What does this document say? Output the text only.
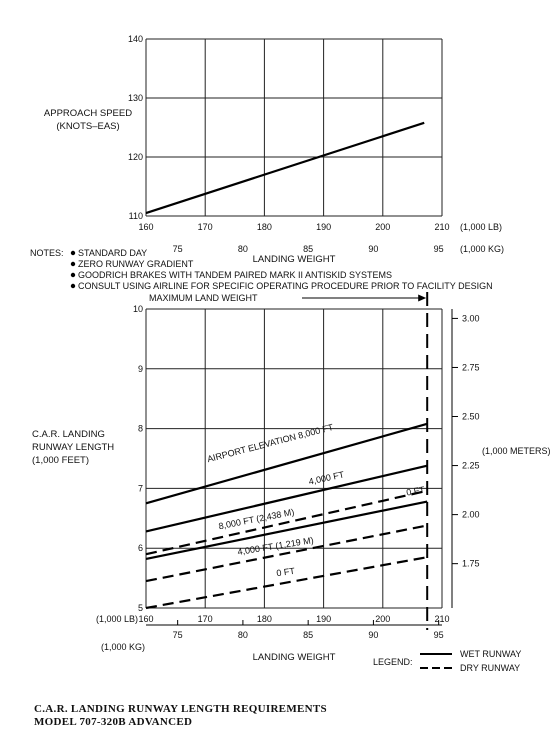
160	170	180	190	200	210
110
120
130
140
(1,000 LB)
75	80	85	90	95 (1,000 KG)
LANDING WEIGHT
APPROACH SPEED
(KNOTS–EAS)
NOTES: STANDARD DAY
ZERO RUNWAY GRADIENT
GOODRICH BRAKES WITH TANDEM PAIRED MARK II ANTISKID SYSTEMS
CONSULT USING AIRLINE FOR SPECIFIC OPERATING PROCEDURE PRIOR TO FACILITY DESIGN
160	170	180	190	200	210
5
6
7
8
9
10
(1,000 LB)
1.75
2.00
2.25
2.50
2.75
3.00
(1,000 METERS)
75	80	85	90	95
(1,000 KG)
LANDING WEIGHT
C.A.R. LANDING
RUNWAY LENGTH
(1,000 FEET)
MAXIMUM LAND WEIGHT
AIRPORT ELEVATION 8,000 FT
4,000 FT
0 FT
8,000 FT (2,438 M)
4,000 FT (1,219 M)
0 FT
LEGEND:
WET RUNWAY
DRY RUNWAY
C.A.R. LANDING RUNWAY LENGTH REQUIREMENTS
MODEL 707-320B ADVANCED
